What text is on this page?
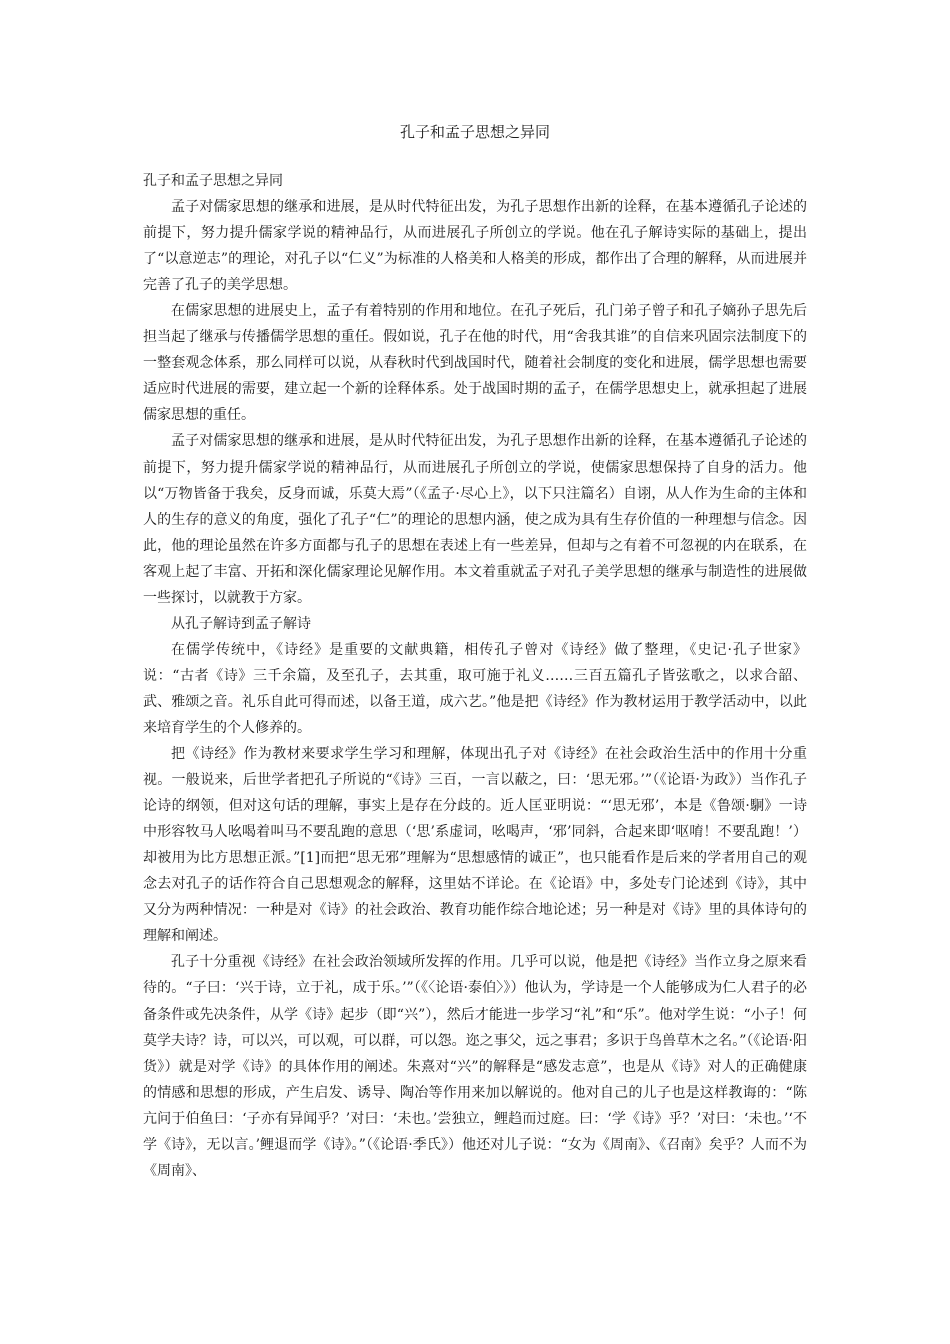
孔子和孟子思想之异同

孔子和孟子思想之异同

孟子对儒家思想的继承和进展，是从时代特征出发，为孔子思想作出新的诠释，在基本遵循孔子论述的前提下，努力提升儒家学说的精神品行，从而进展孔子所创立的学说。他在孔子解诗实际的基础上，提出了“以意逆志”的理论，对孔子以“仁义”为标准的人格美和人格美的形成，都作出了合理的解释，从而进展并完善了孔子的美学思想。

在儒家思想的进展史上，孟子有着特别的作用和地位。在孔子死后，孔门弟子曾子和孔子嫡孙子思先后担当起了继承与传播儒学思想的重任。假如说，孔子在他的时代，用“舍我其谁”的自信来巩固宗法制度下的一整套观念体系，那么同样可以说，从春秋时代到战国时代，随着社会制度的变化和进展，儒学思想也需要适应时代进展的需要，建立起一个新的诠释体系。处于战国时期的孟子，在儒学思想史上，就承担起了进展儒家思想的重任。

孟子对儒家思想的继承和进展，是从时代特征出发，为孔子思想作出新的诠释，在基本遵循孔子论述的前提下，努力提升儒家学说的精神品行，从而进展孔子所创立的学说，使儒家思想保持了自身的活力。他以“万物皆备于我矣，反身而诚，乐莫大焉”（《孟子·尽心上》，以下只注篇名）自诩，从人作为生命的主体和人的生存的意义的角度，强化了孔子“仁”的理论的思想内涵，使之成为具有生存价值的一种理想与信念。因此，他的理论虽然在许多方面都与孔子的思想在表述上有一些差异，但却与之有着不可忽视的内在联系，在客观上起了丰富、开拓和深化儒家理论见解作用。本文着重就孟子对孔子美学思想的继承与制造性的进展做一些探讨，以就教于方家。

从孔子解诗到孟子解诗

在儒学传统中，《诗经》是重要的文献典籍，相传孔子曾对《诗经》做了整理，《史记·孔子世家》说：“古者《诗》三千余篇，及至孔子，去其重，取可施于礼义……三百五篇孔子皆弦歌之，以求合韶、武、雅颂之音。礼乐自此可得而述，以备王道，成六艺。”他是把《诗经》作为教材运用于教学活动中，以此来培育学生的个人修养的。

把《诗经》作为教材来要求学生学习和理解，体现出孔子对《诗经》在社会政治生活中的作用十分重视。一般说来，后世学者把孔子所说的“《诗》三百，一言以蔽之，曰：‘思无邪。’”（《论语·为政》）当作孔子论诗的纲领，但对这句话的理解，事实上是存在分歧的。近人匡亚明说：“‘思无邪’，本是《鲁颂·駉》一诗中形容牧马人吆喝着叫马不要乱跑的意思（‘思’系虚词，吆喝声，‘邪’同斜，合起来即‘呕唷！不要乱跑！’）却被用为比方思想正派。”[1]而把“思无邪”理解为“思想感情的诚正”，也只能看作是后来的学者用自己的观念去对孔子的话作符合自己思想观念的解释，这里姑不详论。在《论语》中，多处专门论述到《诗》，其中又分为两种情况：一种是对《诗》的社会政治、教育功能作综合地论述；另一种是对《诗》里的具体诗句的理解和阐述。

孔子十分重视《诗经》在社会政治领域所发挥的作用。几乎可以说，他是把《诗经》当作立身之原来看待的。“子曰：‘兴于诗，立于礼，成于乐。’”（《〈论语·泰伯〉》）他认为，学诗是一个人能够成为仁人君子的必备条件或先决条件，从学《诗》起步（即“兴”），然后才能进一步学习“礼”和“乐”。他对学生说：“小子！何莫学夫诗？诗，可以兴，可以观，可以群，可以怨。迩之事父，远之事君；多识于鸟兽草木之名。”（《论语·阳货》）就是对学《诗》的具体作用的阐述。朱熹对“兴”的解释是“感发志意”，也是从《诗》对人的正确健康的情感和思想的形成，产生启发、诱导、陶冶等作用来加以解说的。他对自己的儿子也是这样教诲的：“陈亢问于伯鱼曰：‘子亦有异闻乎？’对曰：‘未也。’尝独立，鲤趋而过庭。曰：‘学《诗》乎？’对曰：‘未也。’‘不学《诗》，无以言。’鲤退而学《诗》。”（《论语·季氏》）他还对儿子说：“女为《周南》、《召南》矣乎？人而不为《周南》、
